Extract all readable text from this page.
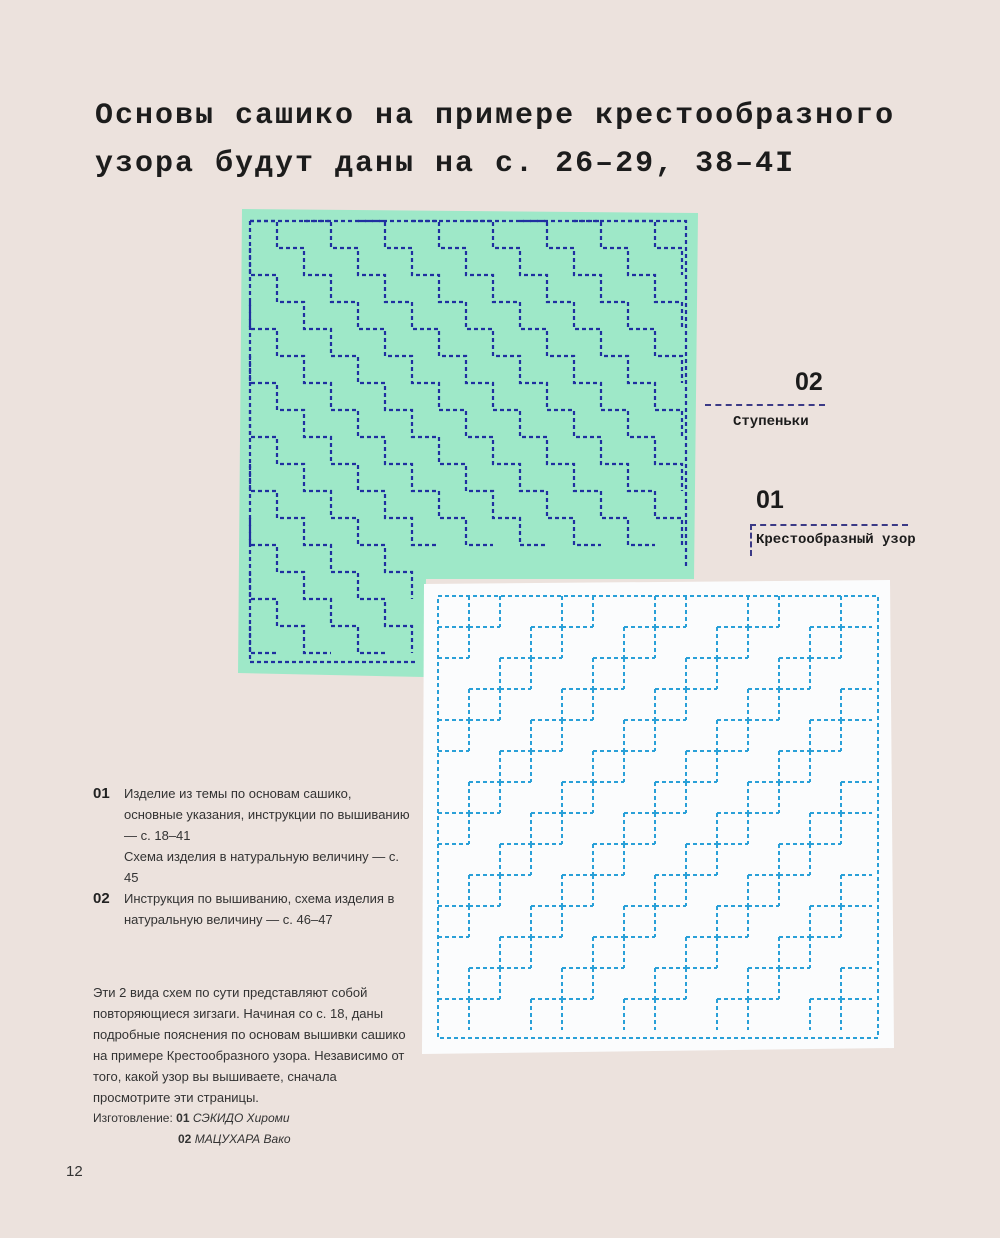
Основы сашико на примере крестообразного
узора будут даны на с. 26–29, 38–4I
02
Ступеньки
01
Крестообразный узор
01	Изделие из темы по основам сашико, основные указания, инструкции по вышиванию — с. 18–41

Схема изделия в натуральную величину — с. 45

02	Инструкция по вышиванию, схема изделия в натуральную величину — с. 46–47

Эти 2 вида схем по сути представляют собой повторяющиеся зигзаги. Начиная со с. 18, даны подробные пояснения по основам вышивки сашико на примере Крестообразного узора. Независимо от того, какой узор вы вышиваете, сначала просмотрите эти страницы.

Изготовление: 01 СЭКИДО Хироми
02 МАЦУХАРА Вако
12
